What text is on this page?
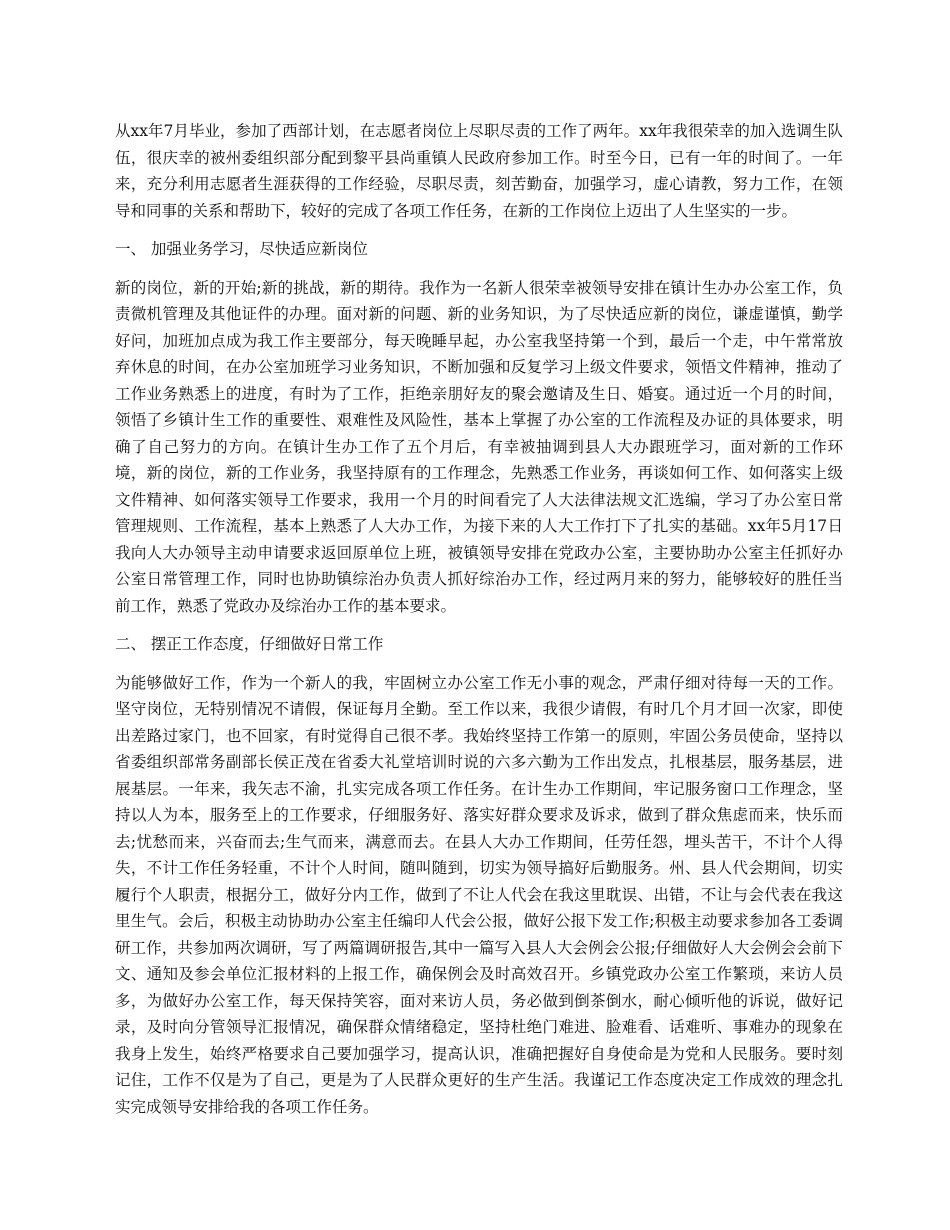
从xx年7月毕业，参加了西部计划，在志愿者岗位上尽职尽责的工作了两年。xx年我很荣幸的加入选调生队伍，很庆幸的被州委组织部分配到黎平县尚重镇人民政府参加工作。时至今日，已有一年的时间了。一年来，充分利用志愿者生涯获得的工作经验，尽职尽责，刻苦勤奋，加强学习，虚心请教，努力工作，在领导和同事的关系和帮助下，较好的完成了各项工作任务，在新的工作岗位上迈出了人生坚实的一步。

一、 加强业务学习，尽快适应新岗位

新的岗位，新的开始;新的挑战，新的期待。我作为一名新人很荣幸被领导安排在镇计生办办公室工作，负责微机管理及其他证件的办理。面对新的问题、新的业务知识，为了尽快适应新的岗位，谦虚谨慎，勤学好问，加班加点成为我工作主要部分，每天晚睡早起，办公室我坚持第一个到，最后一个走，中午常常放弃休息的时间，在办公室加班学习业务知识，不断加强和反复学习上级文件要求，领悟文件精神，推动了工作业务熟悉上的进度，有时为了工作，拒绝亲朋好友的聚会邀请及生日、婚宴。通过近一个月的时间，领悟了乡镇计生工作的重要性、艰难性及风险性，基本上掌握了办公室的工作流程及办证的具体要求，明确了自己努力的方向。在镇计生办工作了五个月后，有幸被抽调到县人大办跟班学习，面对新的工作环境，新的岗位，新的工作业务，我坚持原有的工作理念，先熟悉工作业务，再谈如何工作、如何落实上级文件精神、如何落实领导工作要求，我用一个月的时间看完了人大法律法规文汇选编，学习了办公室日常管理规则、工作流程，基本上熟悉了人大办工作，为接下来的人大工作打下了扎实的基础。xx年5月17日我向人大办领导主动申请要求返回原单位上班，被镇领导安排在党政办公室，主要协助办公室主任抓好办公室日常管理工作，同时也协助镇综治办负责人抓好综治办工作，经过两月来的努力，能够较好的胜任当前工作，熟悉了党政办及综治办工作的基本要求。

二、 摆正工作态度，仔细做好日常工作

为能够做好工作，作为一个新人的我，牢固树立办公室工作无小事的观念，严肃仔细对待每一天的工作。坚守岗位，无特别情况不请假，保证每月全勤。至工作以来，我很少请假，有时几个月才回一次家，即使出差路过家门，也不回家，有时觉得自己很不孝。我始终坚持工作第一的原则，牢固公务员使命，坚持以省委组织部常务副部长侯正茂在省委大礼堂培训时说的六多六勤为工作出发点，扎根基层，服务基层，进展基层。一年来，我矢志不渝，扎实完成各项工作任务。在计生办工作期间，牢记服务窗口工作理念，坚持以人为本，服务至上的工作要求，仔细服务好、落实好群众要求及诉求，做到了群众焦虑而来，快乐而去;忧愁而来，兴奋而去;生气而来，满意而去。在县人大办工作期间，任劳任怨，埋头苦干，不计个人得失，不计工作任务轻重，不计个人时间，随叫随到，切实为领导搞好后勤服务。州、县人代会期间，切实履行个人职责，根据分工，做好分内工作，做到了不让人代会在我这里耽误、出错，不让与会代表在我这里生气。会后，积极主动协助办公室主任编印人代会公报，做好公报下发工作;积极主动要求参加各工委调研工作，共参加两次调研，写了两篇调研报告,其中一篇写入县人大会例会公报;仔细做好人大会例会会前下文、通知及参会单位汇报材料的上报工作，确保例会及时高效召开。乡镇党政办公室工作繁琐，来访人员多，为做好办公室工作，每天保持笑容，面对来访人员，务必做到倒茶倒水，耐心倾听他的诉说，做好记录，及时向分管领导汇报情况，确保群众情绪稳定，坚持杜绝门难进、脸难看、话难听、事难办的现象在我身上发生，始终严格要求自己要加强学习，提高认识，准确把握好自身使命是为党和人民服务。要时刻记住，工作不仅是为了自己，更是为了人民群众更好的生产生活。我谨记工作态度决定工作成效的理念扎实完成领导安排给我的各项工作任务。
